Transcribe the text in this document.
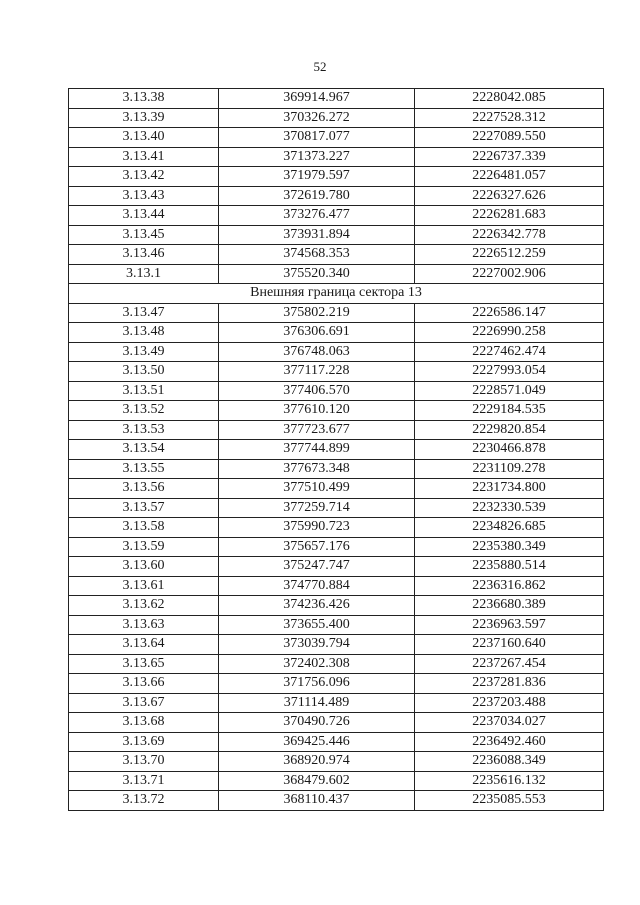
52
3.13.38	369914.967	2228042.085
3.13.39	370326.272	2227528.312
3.13.40	370817.077	2227089.550
3.13.41	371373.227	2226737.339
3.13.42	371979.597	2226481.057
3.13.43	372619.780	2226327.626
3.13.44	373276.477	2226281.683
3.13.45	373931.894	2226342.778
3.13.46	374568.353	2226512.259
3.13.1	375520.340	2227002.906
Внешняя граница сектора 13		
3.13.47	375802.219	2226586.147
3.13.48	376306.691	2226990.258
3.13.49	376748.063	2227462.474
3.13.50	377117.228	2227993.054
3.13.51	377406.570	2228571.049
3.13.52	377610.120	2229184.535
3.13.53	377723.677	2229820.854
3.13.54	377744.899	2230466.878
3.13.55	377673.348	2231109.278
3.13.56	377510.499	2231734.800
3.13.57	377259.714	2232330.539
3.13.58	375990.723	2234826.685
3.13.59	375657.176	2235380.349
3.13.60	375247.747	2235880.514
3.13.61	374770.884	2236316.862
3.13.62	374236.426	2236680.389
3.13.63	373655.400	2236963.597
3.13.64	373039.794	2237160.640
3.13.65	372402.308	2237267.454
3.13.66	371756.096	2237281.836
3.13.67	371114.489	2237203.488
3.13.68	370490.726	2237034.027
3.13.69	369425.446	2236492.460
3.13.70	368920.974	2236088.349
3.13.71	368479.602	2235616.132
3.13.72	368110.437	2235085.553
